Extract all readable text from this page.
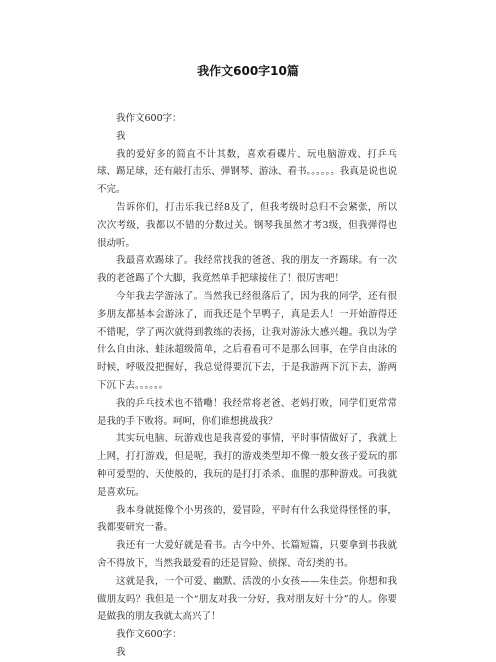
我作文600字10篇

我作文600字：

我

我的爱好多的简直不计其数，喜欢看碟片、玩电脑游戏、打乒乓球、踢足球，还有敲打击乐、弹钢琴、游泳、看书。。。。。。我真是说也说不完。

告诉你们，打击乐我已经8及了，但我考级时总归不会紧张，所以次次考级，我都以不错的分数过关。钢琴我虽然才考3级，但我弹得也很动听。

我最喜欢踢球了。我经常找我的爸爸、我的朋友一齐踢球。有一次我的老爸踢了个大脚，我竟然单手把球接住了！很厉害吧！

今年我去学游泳了。当然我已经很落后了，因为我的同学，还有很多朋友都基本会游泳了，而我还是个旱鸭子，真是丢人！一开始游得还不错呢，学了两次就得到教练的表扬，让我对游泳大感兴趣。我以为学什么自由泳、蛙泳超级简单，之后看看可不是那么回事，在学自由泳的时候，呼吸没把握好，我总觉得要沉下去，于是我游两下沉下去，游两下沉下去。。。。。。

我的乒乓技术也不错嘞！我经常将老爸、老妈打败，同学们更常常是我的手下败将。呵呵，你们谁想挑战我？

其实玩电脑、玩游戏也是我喜爱的事情，平时事情做好了，我就上上网，打打游戏，但是呢，我打的游戏类型却不像一般女孩子爱玩的那种可爱型的、天使般的，我玩的是打打杀杀、血腥的那种游戏。可我就是喜欢玩。

我本身就挺像个小男孩的，爱冒险，平时有什么我觉得怪怪的事，我都要研究一番。

我还有一大爱好就是看书。古今中外、长篇短篇，只要拿到书我就舍不得放下，当然我最爱看的还是冒险、侦探、奇幻类的书。

这就是我，一个可爱、幽默、活泼的小女孩——朱佳芸。你想和我做朋友吗？我但是一个“朋友对我一分好，我对朋友好十分”的人。你要是做我的朋友我就太高兴了！

我作文600字：

我
